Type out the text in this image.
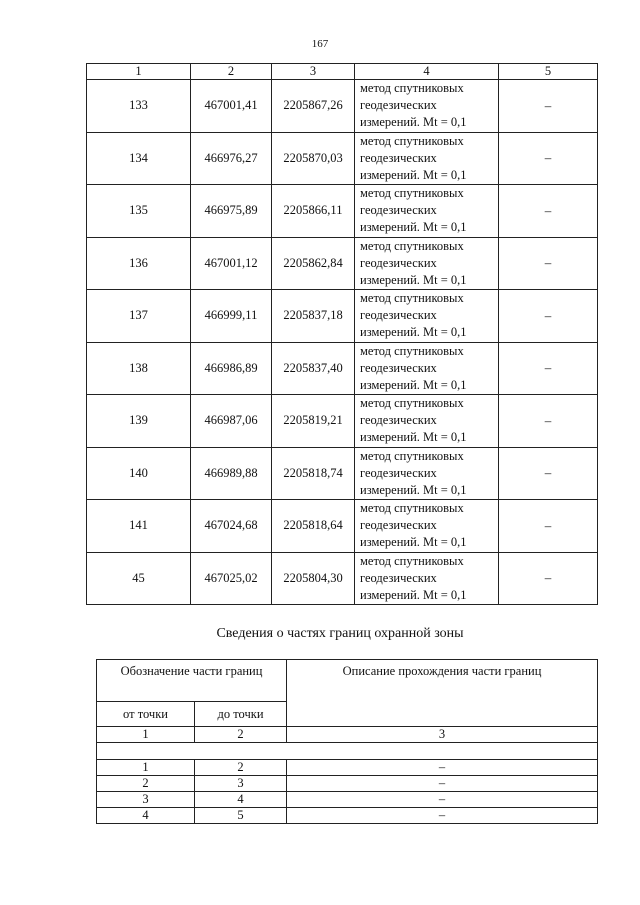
167
1	2	3	4	5
133	467001,41	2205867,26	метод спутниковых
геодезических
измерений. Mt = 0,1	–
134	466976,27	2205870,03	метод спутниковых
геодезических
измерений. Mt = 0,1	–
135	466975,89	2205866,11	метод спутниковых
геодезических
измерений. Mt = 0,1	–
136	467001,12	2205862,84	метод спутниковых
геодезических
измерений. Mt = 0,1	–
137	466999,11	2205837,18	метод спутниковых
геодезических
измерений. Mt = 0,1	–
138	466986,89	2205837,40	метод спутниковых
геодезических
измерений. Mt = 0,1	–
139	466987,06	2205819,21	метод спутниковых
геодезических
измерений. Mt = 0,1	–
140	466989,88	2205818,74	метод спутниковых
геодезических
измерений. Mt = 0,1	–
141	467024,68	2205818,64	метод спутниковых
геодезических
измерений. Mt = 0,1	–
45	467025,02	2205804,30	метод спутниковых
геодезических
измерений. Mt = 0,1	–
Сведения о частях границ охранной зоны
Обозначение части границ		Описание прохождения части границ
от точки	до точки	
1	2	3

1	2	–
2	3	–
3	4	–
4	5	–
